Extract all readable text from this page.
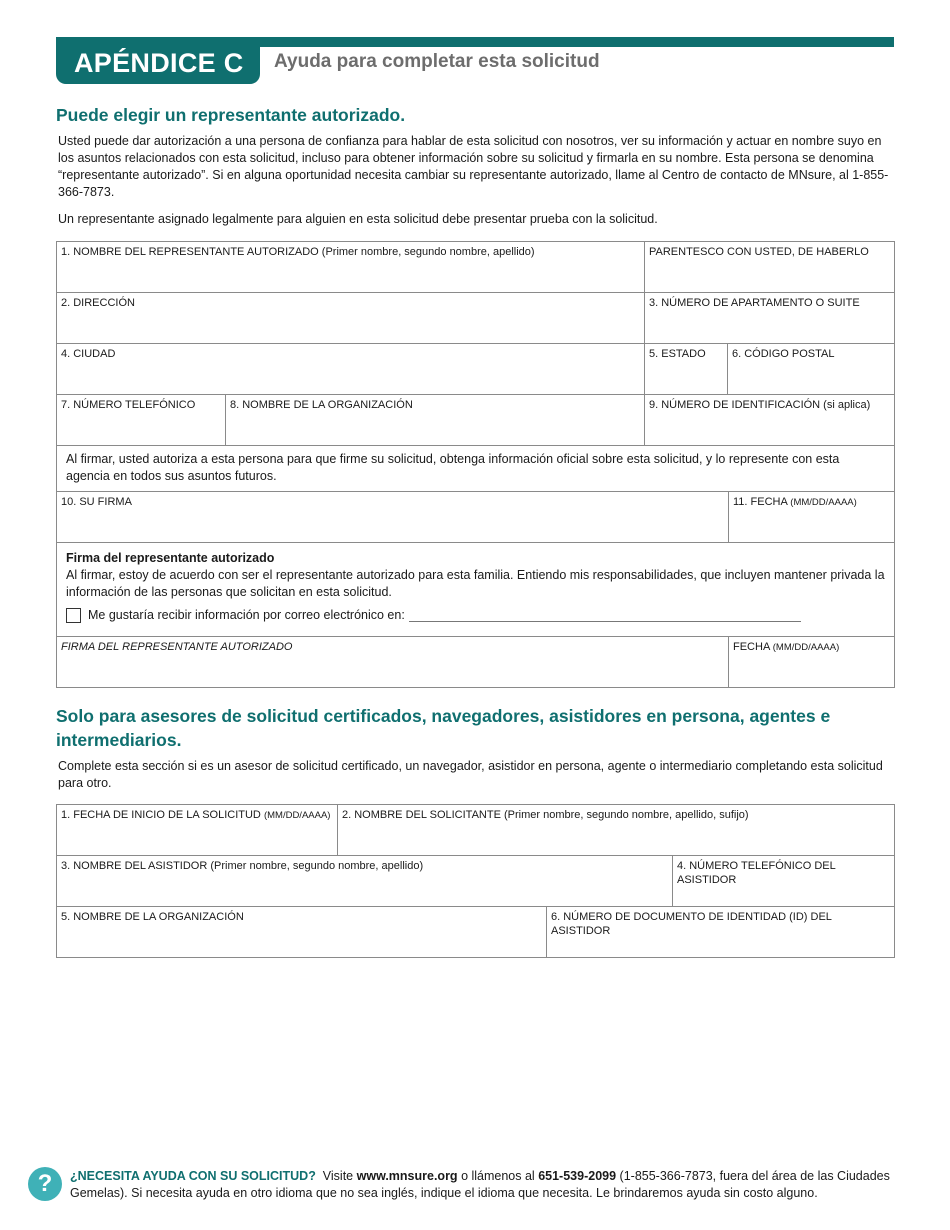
APÉNDICE C	Ayuda para completar esta solicitud
Puede elegir un representante autorizado.
Usted puede dar autorización a una persona de confianza para hablar de esta solicitud con nosotros, ver su información y actuar en nombre suyo en los asuntos relacionados con esta solicitud, incluso para obtener información sobre su solicitud y firmarla en su nombre. Esta persona se denomina “representante autorizado”. Si en alguna oportunidad necesita cambiar su representante autorizado, llame al Centro de contacto de MNsure, al 1-855-366-7873.
Un representante asignado legalmente para alguien en esta solicitud debe presentar prueba con la solicitud.
1. NOMBRE DEL REPRESENTANTE AUTORIZADO (Primer nombre, segundo nombre, apellido)	PARENTESCO CON USTED, DE HABERLO
2. DIRECCIÓN	3. NÚMERO DE APARTAMENTO O SUITE
4. CIUDAD	5. ESTADO	6. CÓDIGO POSTAL
7. NÚMERO TELEFÓNICO	8. NOMBRE DE LA ORGANIZACIÓN	9. NÚMERO DE IDENTIFICACIÓN (si aplica)
Al firmar, usted autoriza a esta persona para que firme su solicitud, obtenga información oficial sobre esta solicitud, y lo represente con esta agencia en todos sus asuntos futuros.
10. SU FIRMA	11. FECHA (MM/DD/AAAA)
Firma del representante autorizado
Al firmar, estoy de acuerdo con ser el representante autorizado para esta familia. Entiendo mis responsabilidades, que incluyen mantener privada la información de las personas que solicitan en esta solicitud.
Me gustaría recibir información por correo electrónico en:
FIRMA DEL REPRESENTANTE AUTORIZADO	FECHA (MM/DD/AAAA)
Solo para asesores de solicitud certificados, navegadores, asistidores en persona, agentes e intermediarios.
Complete esta sección si es un asesor de solicitud certificado, un navegador, asistidor en persona, agente o intermediario completando esta solicitud para otro.
1. FECHA DE INICIO DE LA SOLICITUD (MM/DD/AAAA)	2. NOMBRE DEL SOLICITANTE (Primer nombre, segundo nombre, apellido, sufijo)
3. NOMBRE DEL ASISTIDOR (Primer nombre, segundo nombre, apellido)	4. NÚMERO TELEFÓNICO DEL ASISTIDOR
5. NOMBRE DE LA ORGANIZACIÓN	6. NÚMERO DE DOCUMENTO DE IDENTIDAD (ID) DEL ASISTIDOR
?	¿NECESITA AYUDA CON SU SOLICITUD? Visite www.mnsure.org o llámenos al 651-539-2099 (1-855-366-7873, fuera del área de las Ciudades Gemelas). Si necesita ayuda en otro idioma que no sea inglés, indique el idioma que necesita. Le brindaremos ayuda sin costo alguno.
